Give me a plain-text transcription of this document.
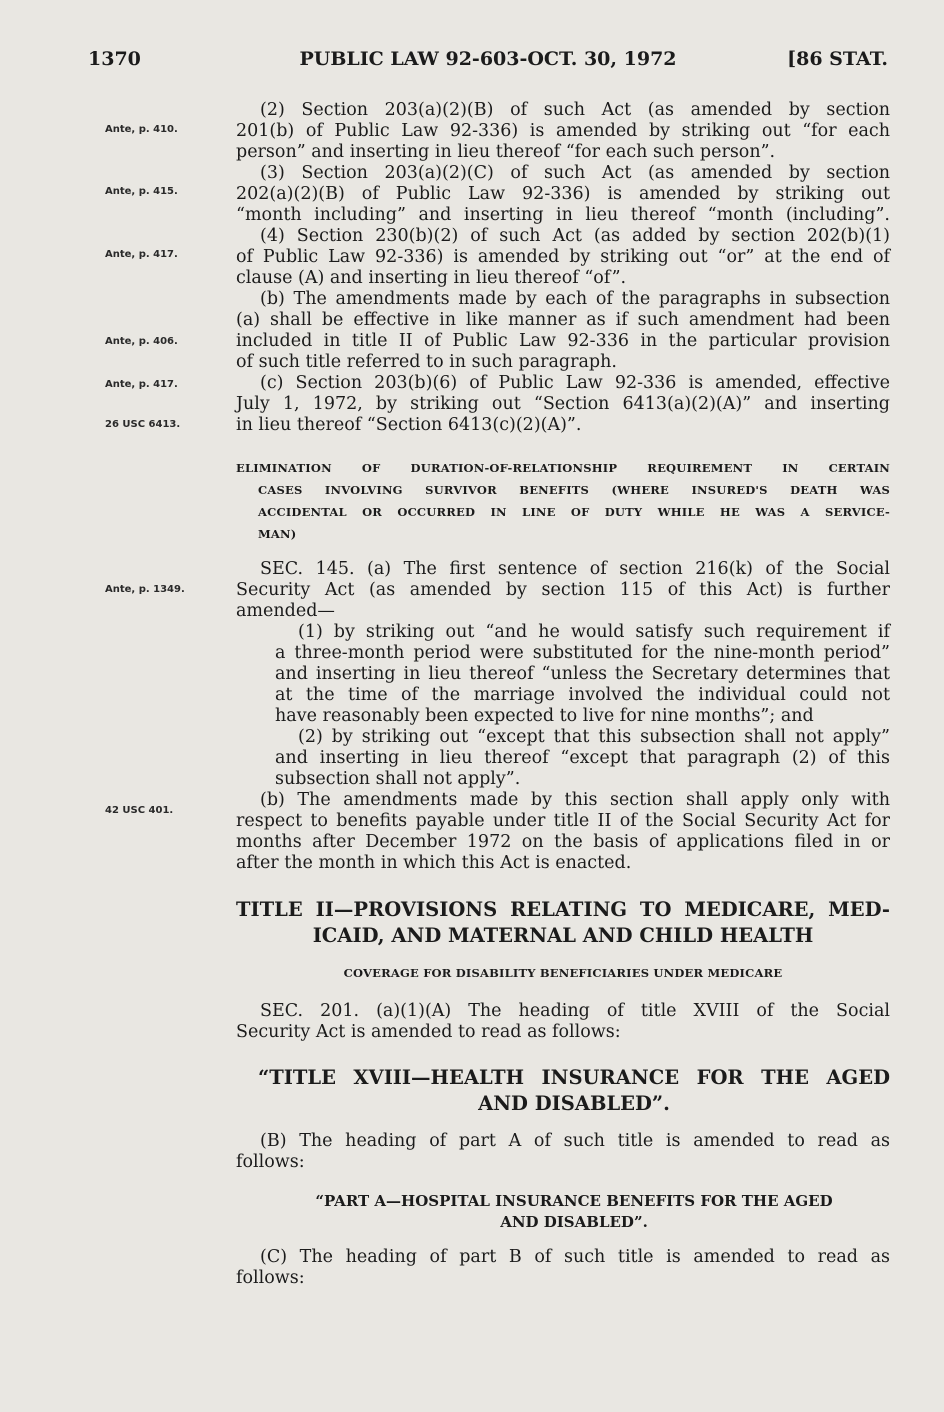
1370	PUBLIC LAW 92-603-OCT. 30, 1972	[86 STAT.
Ante, p. 410.
Ante, p. 415.
Ante, p. 417.
Ante, p. 406.
Ante, p. 417.
26 USC 6413.
Ante, p. 1349.
42 USC 401.
(2) Section 203(a)(2)(B) of such Act (as amended by section
201(b) of Public Law 92-336) is amended by striking out “for each
person” and inserting in lieu thereof “for each such person”.
(3) Section 203(a)(2)(C) of such Act (as amended by section
202(a)(2)(B) of Public Law 92-336) is amended by striking out
“month including” and inserting in lieu thereof “month (including”.
(4) Section 230(b)(2) of such Act (as added by section 202(b)(1)
of Public Law 92-336) is amended by striking out “or” at the end of
clause (A) and inserting in lieu thereof “of”.
(b) The amendments made by each of the paragraphs in subsection
(a) shall be effective in like manner as if such amendment had been
included in title II of Public Law 92-336 in the particular provision
of such title referred to in such paragraph.
(c) Section 203(b)(6) of Public Law 92-336 is amended, effective
July 1, 1972, by striking out “Section 6413(a)(2)(A)” and inserting
in lieu thereof “Section 6413(c)(2)(A)”.
ELIMINATION OF DURATION-OF-RELATIONSHIP REQUIREMENT IN CERTAIN
CASES INVOLVING SURVIVOR BENEFITS (WHERE INSURED'S DEATH WAS
ACCIDENTAL OR OCCURRED IN LINE OF DUTY WHILE HE WAS A SERVICE-
MAN)
SEC. 145. (a) The first sentence of section 216(k) of the Social
Security Act (as amended by section 115 of this Act) is further
amended—
(1) by striking out “and he would satisfy such requirement if
a three-month period were substituted for the nine-month period”
and inserting in lieu thereof “unless the Secretary determines that
at the time of the marriage involved the individual could not
have reasonably been expected to live for nine months”; and
(2) by striking out “except that this subsection shall not apply”
and inserting in lieu thereof “except that paragraph (2) of this
subsection shall not apply”.
(b) The amendments made by this section shall apply only with
respect to benefits payable under title II of the Social Security Act for
months after December 1972 on the basis of applications filed in or
after the month in which this Act is enacted.
TITLE II—PROVISIONS RELATING TO MEDICARE, MED-
ICAID, AND MATERNAL AND CHILD HEALTH
COVERAGE FOR DISABILITY BENEFICIARIES UNDER MEDICARE
SEC. 201. (a)(1)(A) The heading of title XVIII of the Social
Security Act is amended to read as follows:
“TITLE XVIII—HEALTH INSURANCE FOR THE AGED
AND DISABLED”.
(B) The heading of part A of such title is amended to read as
follows:
“PART A—HOSPITAL INSURANCE BENEFITS FOR THE AGED
AND DISABLED”.
(C) The heading of part B of such title is amended to read as
follows:
